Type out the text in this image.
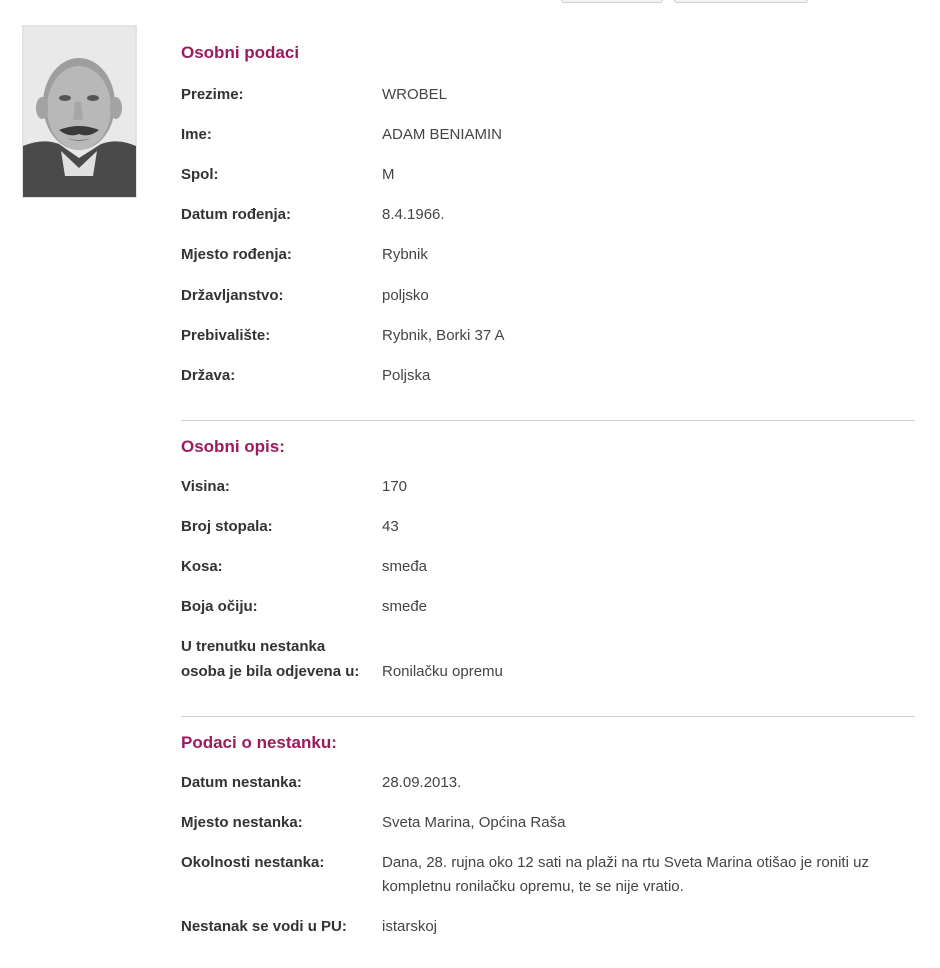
Osobni podaci
Prezime:	WROBEL
Ime:	ADAM BENIAMIN
Spol:	M
Datum rođenja:	8.4.1966.
Mjesto rođenja:	Rybnik
Državljanstvo:	poljsko
Prebivalište:	Rybnik, Borki 37 A
Država:	Poljska
Osobni opis:
Visina:	170
Broj stopala:	43
Kosa:	smeđa
Boja očiju:	smeđe
U trenutku nestanka
osoba je bila odjevena u:	Ronilačku opremu
Podaci o nestanku:
Datum nestanka:	28.09.2013.
Mjesto nestanka:	Sveta Marina, Općina Raša
Okolnosti nestanka:	Dana, 28. rujna oko 12 sati na plaži na rtu Sveta Marina otišao je roniti uz
kompletnu ronilačku opremu, te se nije vratio.
Nestanak se vodi u PU:	istarskoj
